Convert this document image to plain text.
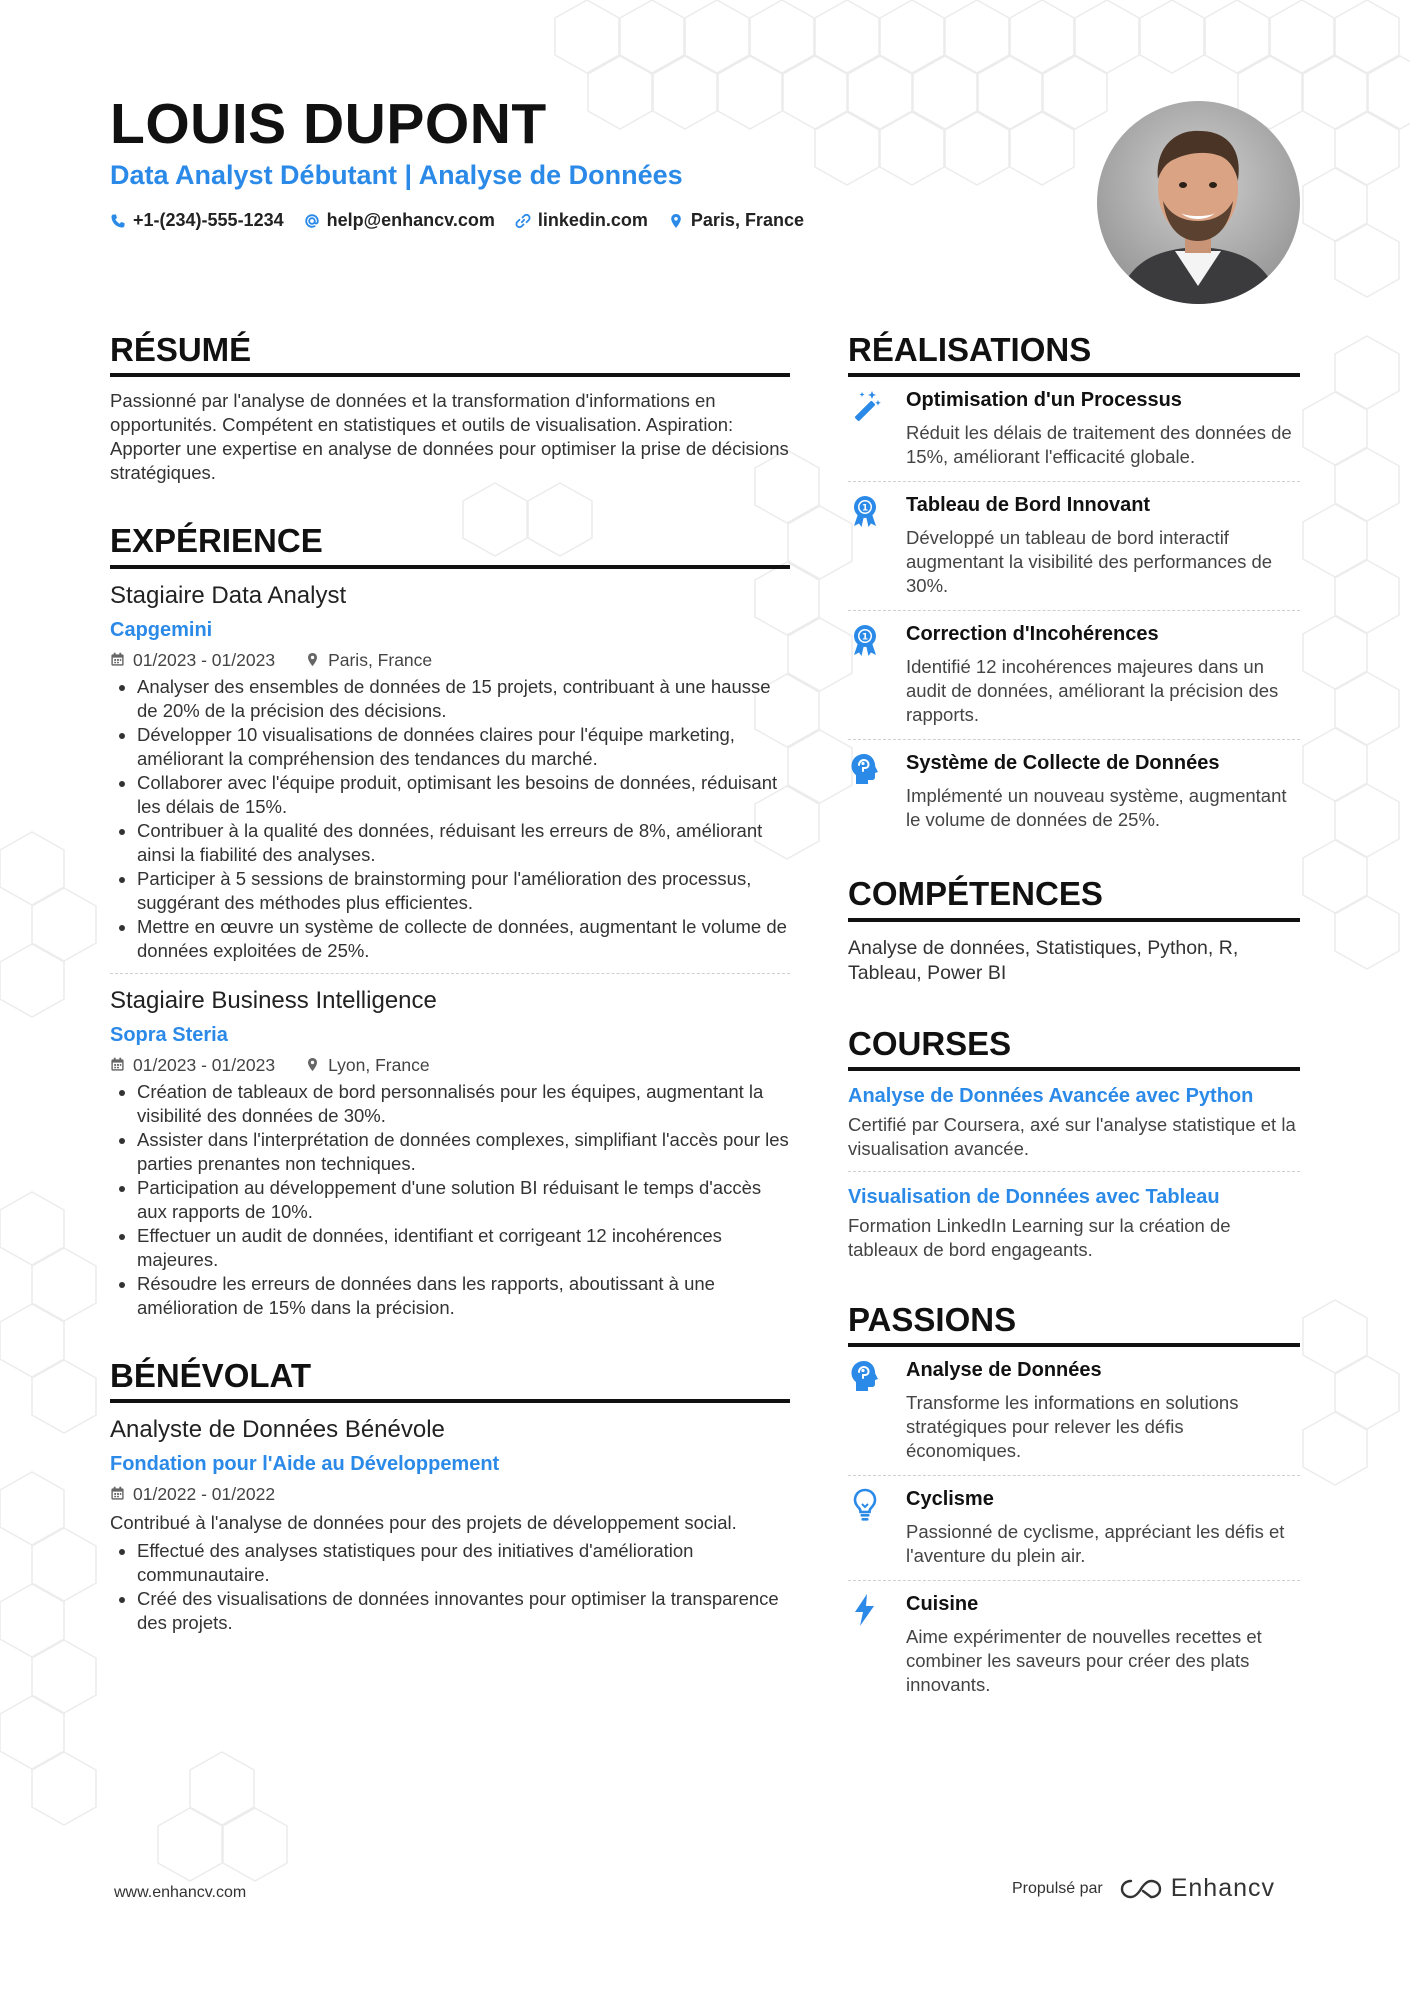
LOUIS DUPONT
Data Analyst Débutant | Analyse de Données
+1-(234)-555-1234 help@enhancv.com linkedin.com Paris, France
RÉSUMÉ
Passionné par l'analyse de données et la transformation d'informations en opportunités. Compétent en statistiques et outils de visualisation. Aspiration: Apporter une expertise en analyse de données pour optimiser la prise de décisions stratégiques.
EXPÉRIENCE
Stagiaire Data Analyst
Capgemini
01/2023 - 01/2023	Paris, France
• Analyser des ensembles de données de 15 projets, contribuant à une hausse de 20% de la précision des décisions.
• Développer 10 visualisations de données claires pour l'équipe marketing, améliorant la compréhension des tendances du marché.
• Collaborer avec l'équipe produit, optimisant les besoins de données, réduisant les délais de 15%.
• Contribuer à la qualité des données, réduisant les erreurs de 8%, améliorant ainsi la fiabilité des analyses.
• Participer à 5 sessions de brainstorming pour l'amélioration des processus, suggérant des méthodes plus efficientes.
• Mettre en œuvre un système de collecte de données, augmentant le volume de données exploitées de 25%.
Stagiaire Business Intelligence
Sopra Steria
01/2023 - 01/2023	Lyon, France
• Création de tableaux de bord personnalisés pour les équipes, augmentant la visibilité des données de 30%.
• Assister dans l'interprétation de données complexes, simplifiant l'accès pour les parties prenantes non techniques.
• Participation au développement d'une solution BI réduisant le temps d'accès aux rapports de 10%.
• Effectuer un audit de données, identifiant et corrigeant 12 incohérences majeures.
• Résoudre les erreurs de données dans les rapports, aboutissant à une amélioration de 15% dans la précision.
BÉNÉVOLAT
Analyste de Données Bénévole
Fondation pour l'Aide au Développement
01/2022 - 01/2022
Contribué à l'analyse de données pour des projets de développement social.
• Effectué des analyses statistiques pour des initiatives d'amélioration communautaire.
• Créé des visualisations de données innovantes pour optimiser la transparence des projets.
RÉALISATIONS
Optimisation d'un Processus
Réduit les délais de traitement des données de 15%, améliorant l'efficacité globale.
1 Tableau de Bord Innovant
Développé un tableau de bord interactif augmentant la visibilité des performances de 30%.
1 Correction d'Incohérences
Identifié 12 incohérences majeures dans un audit de données, améliorant la précision des rapports.
Système de Collecte de Données
Implémenté un nouveau système, augmentant le volume de données de 25%.
COMPÉTENCES
Analyse de données, Statistiques, Python, R, Tableau, Power BI
COURSES
Analyse de Données Avancée avec Python
Certifié par Coursera, axé sur l'analyse statistique et la visualisation avancée.
Visualisation de Données avec Tableau
Formation LinkedIn Learning sur la création de tableaux de bord engageants.
PASSIONS
Analyse de Données
Transforme les informations en solutions stratégiques pour relever les défis économiques.
Cyclisme
Passionné de cyclisme, appréciant les défis et l'aventure du plein air.
Cuisine
Aime expérimenter de nouvelles recettes et combiner les saveurs pour créer des plats innovants.
www.enhancv.com	Propulsé par	Enhancv
